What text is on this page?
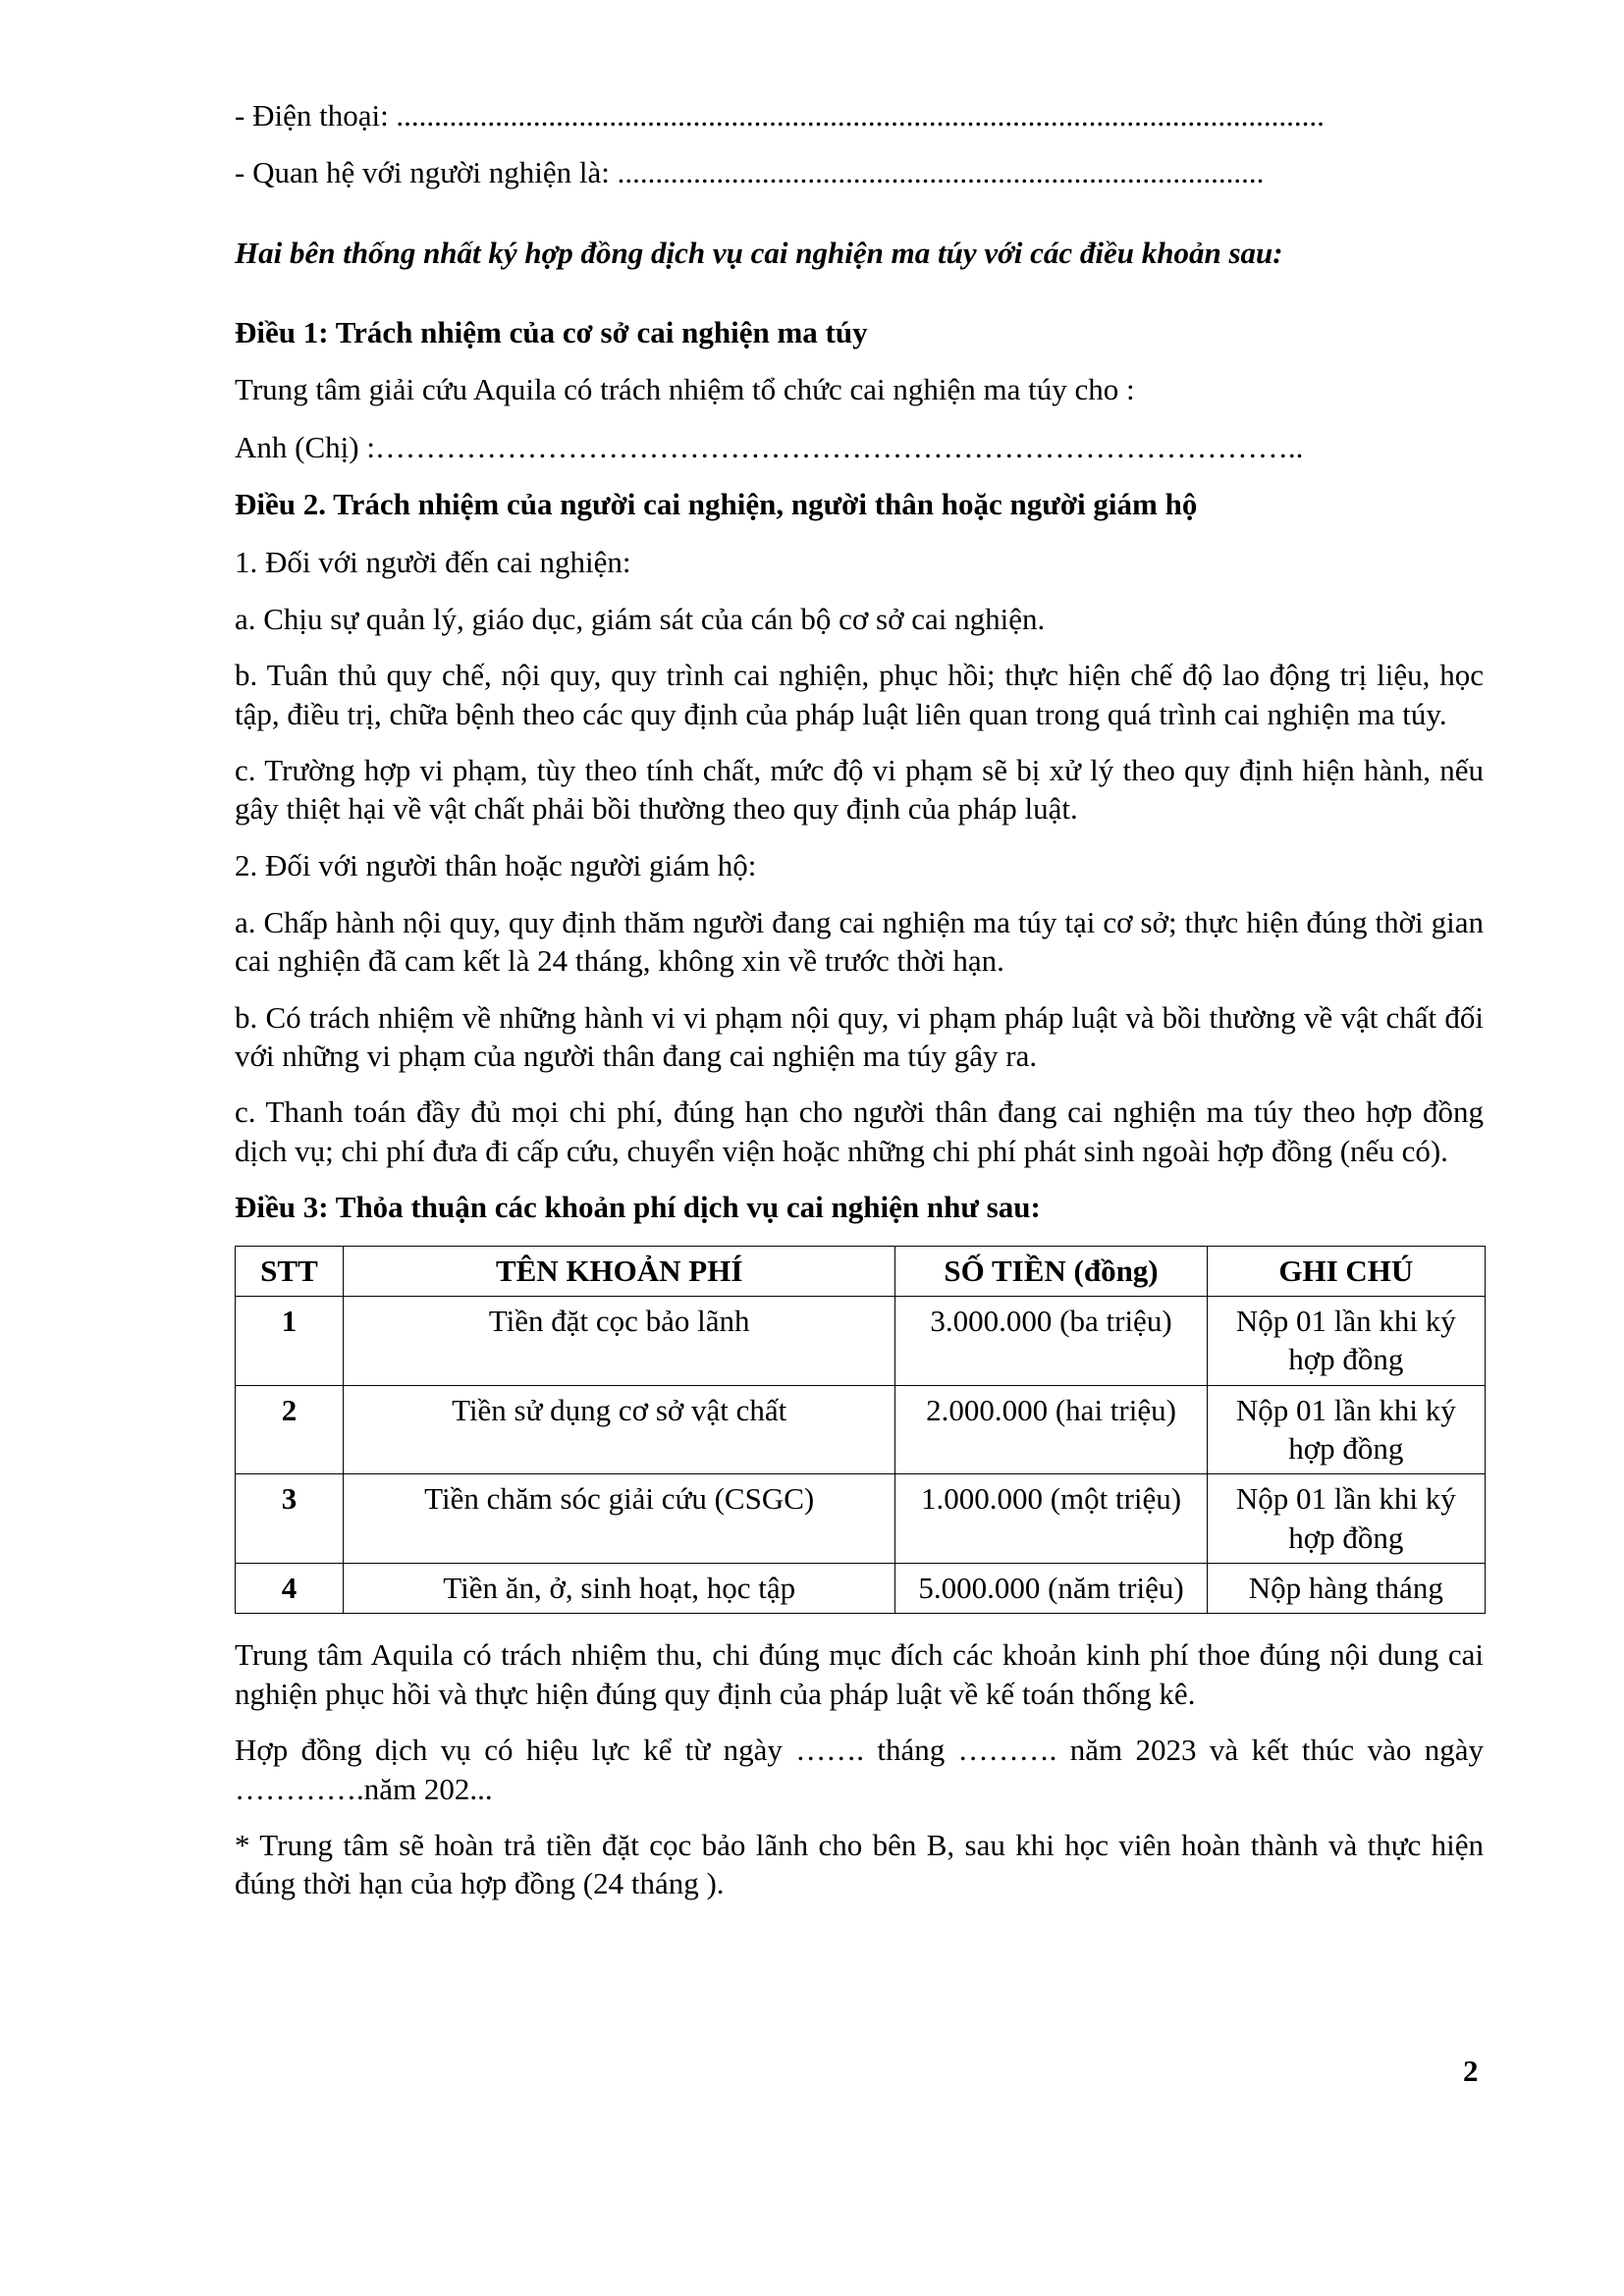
- Điện thoại: ..........................................................................................................................

- Quan hệ với người nghiện là: .....................................................................................

Hai bên thống nhất ký hợp đồng dịch vụ cai nghiện ma túy với các điều khoản sau:

Điều 1: Trách nhiệm của cơ sở cai nghiện ma túy

Trung tâm giải cứu Aquila có trách nhiệm tổ chức cai nghiện ma túy cho :

Anh (Chị) :………………………………………………………………………………..

Điều 2. Trách nhiệm của người cai nghiện, người thân hoặc người giám hộ

1. Đối với người đến cai nghiện:

a. Chịu sự quản lý, giáo dục, giám sát của cán bộ cơ sở cai nghiện.

b. Tuân thủ quy chế, nội quy, quy trình cai nghiện, phục hồi; thực hiện chế độ lao động trị liệu, học tập, điều trị, chữa bệnh theo các quy định của pháp luật liên quan trong quá trình cai nghiện ma túy.

c. Trường hợp vi phạm, tùy theo tính chất, mức độ vi phạm sẽ bị xử lý theo quy định hiện hành, nếu gây thiệt hại về vật chất phải bồi thường theo quy định của pháp luật.

2. Đối với người thân hoặc người giám hộ:

a. Chấp hành nội quy, quy định thăm người đang cai nghiện ma túy tại cơ sở; thực hiện đúng thời gian cai nghiện đã cam kết là 24 tháng, không xin về trước thời hạn.

b. Có trách nhiệm về những hành vi vi phạm nội quy, vi phạm pháp luật và bồi thường về vật chất đối với những vi phạm của người thân đang cai nghiện ma túy gây ra.

c. Thanh toán đầy đủ mọi chi phí, đúng hạn cho người thân đang cai nghiện ma túy theo hợp đồng dịch vụ; chi phí đưa đi cấp cứu, chuyển viện hoặc những chi phí phát sinh ngoài hợp đồng (nếu có).

Điều 3: Thỏa thuận các khoản phí dịch vụ cai nghiện như sau:

STT	TÊN KHOẢN PHÍ	SỐ TIỀN (đồng)	GHI CHÚ
1	Tiền đặt cọc bảo lãnh	3.000.000 (ba triệu)	Nộp 01 lần khi ký hợp đồng
2	Tiền sử dụng cơ sở vật chất	2.000.000 (hai triệu)	Nộp 01 lần khi ký hợp đồng
3	Tiền chăm sóc giải cứu (CSGC)	1.000.000 (một triệu)	Nộp 01 lần khi ký hợp đồng
4	Tiền ăn, ở, sinh hoạt, học tập	5.000.000 (năm triệu)	Nộp hàng tháng

Trung tâm Aquila có trách nhiệm thu, chi đúng mục đích các khoản kinh phí thoe đúng nội dung cai nghiện phục hồi và thực hiện đúng quy định của pháp luật về kế toán thống kê.

Hợp đồng dịch vụ có hiệu lực kể từ ngày ……. tháng ………. năm 2023 và kết thúc vào ngày ………….năm 202...

* Trung tâm sẽ hoàn trả tiền đặt cọc bảo lãnh cho bên B, sau khi học viên hoàn thành và thực hiện đúng thời hạn của hợp đồng (24 tháng ).

2
